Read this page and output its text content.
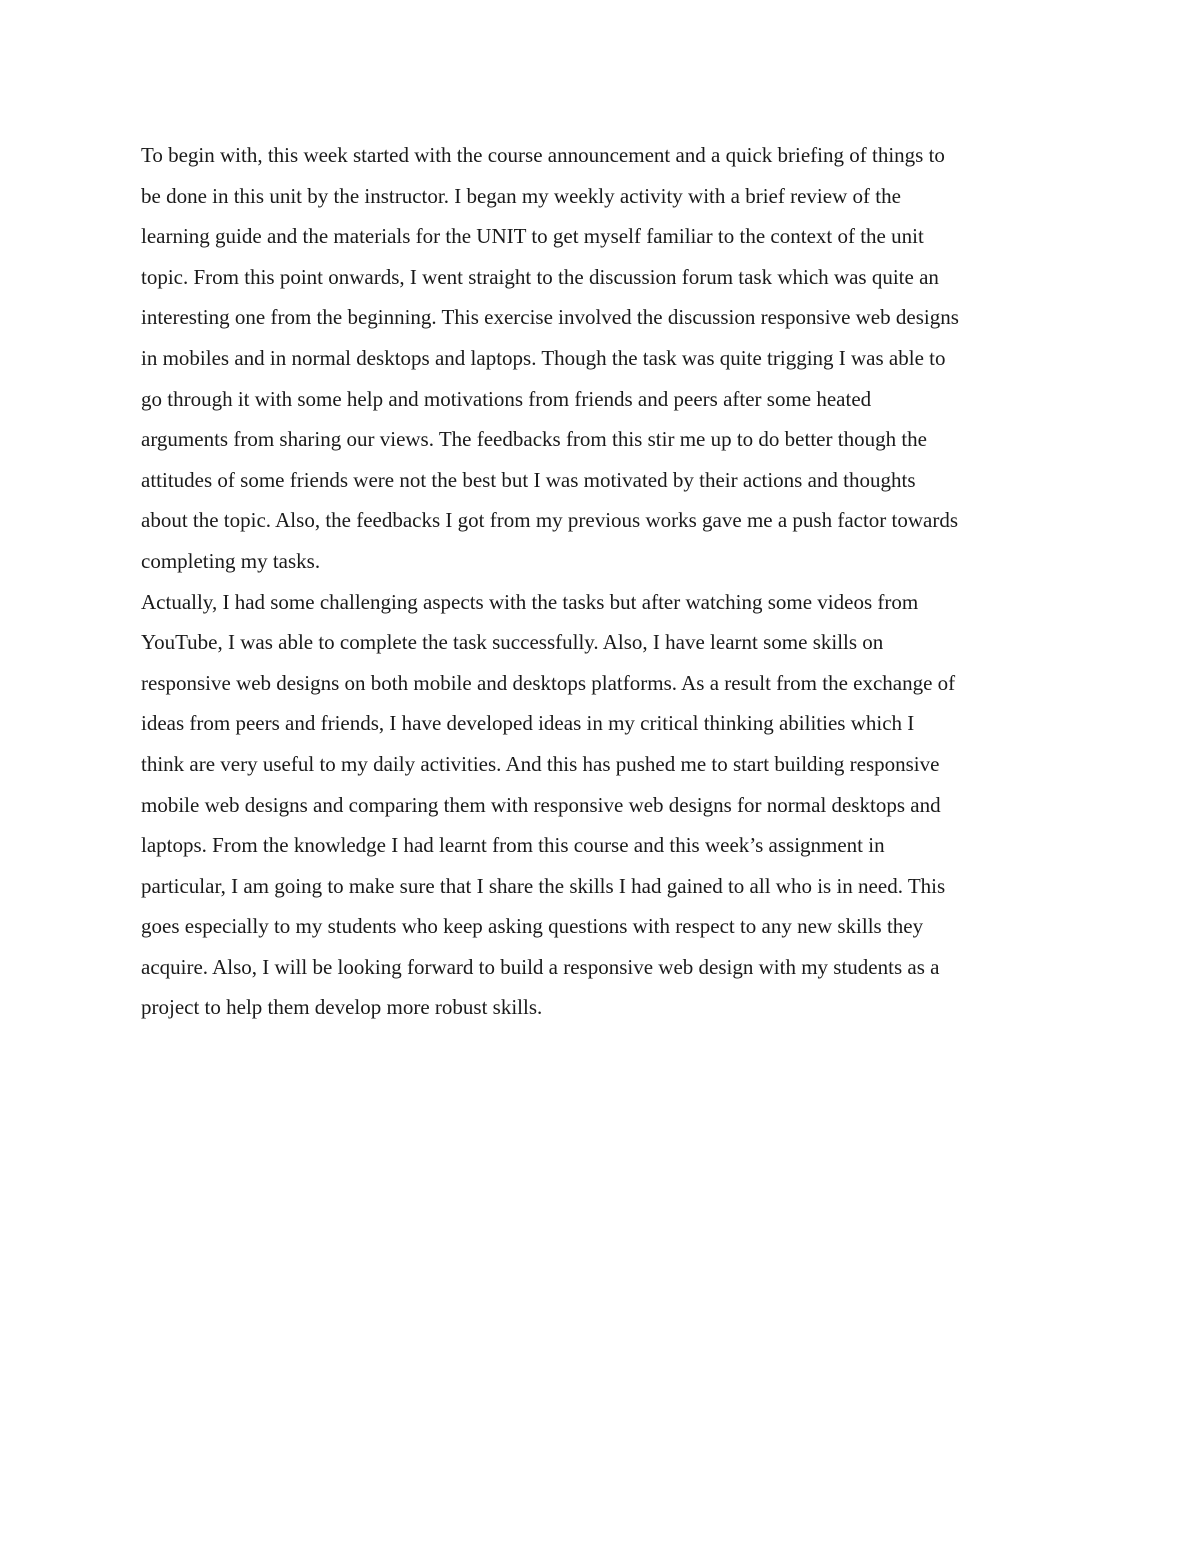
To begin with, this week started with the course announcement and a quick briefing of things to
be done in this unit by the instructor. I began my weekly activity with a brief review of the
learning guide and the materials for the UNIT to get myself familiar to the context of the unit
topic. From this point onwards, I went straight to the discussion forum task which was quite an
interesting one from the beginning. This exercise involved the discussion responsive web designs
in mobiles and in normal desktops and laptops. Though the task was quite trigging I was able to
go through it with some help and motivations from friends and peers after some heated
arguments from sharing our views. The feedbacks from this stir me up to do better though the
attitudes of some friends were not the best but I was motivated by their actions and thoughts
about the topic. Also, the feedbacks I got from my previous works gave me a push factor towards
completing my tasks.
Actually, I had some challenging aspects with the tasks but after watching some videos from
YouTube, I was able to complete the task successfully. Also, I have learnt some skills on
responsive web designs on both mobile and desktops platforms. As a result from the exchange of
ideas from peers and friends, I have developed ideas in my critical thinking abilities which I
think are very useful to my daily activities. And this has pushed me to start building responsive
mobile web designs and comparing them with responsive web designs for normal desktops and
laptops. From the knowledge I had learnt from this course and this week’s assignment in
particular, I am going to make sure that I share the skills I had gained to all who is in need. This
goes especially to my students who keep asking questions with respect to any new skills they
acquire. Also, I will be looking forward to build a responsive web design with my students as a
project to help them develop more robust skills.
